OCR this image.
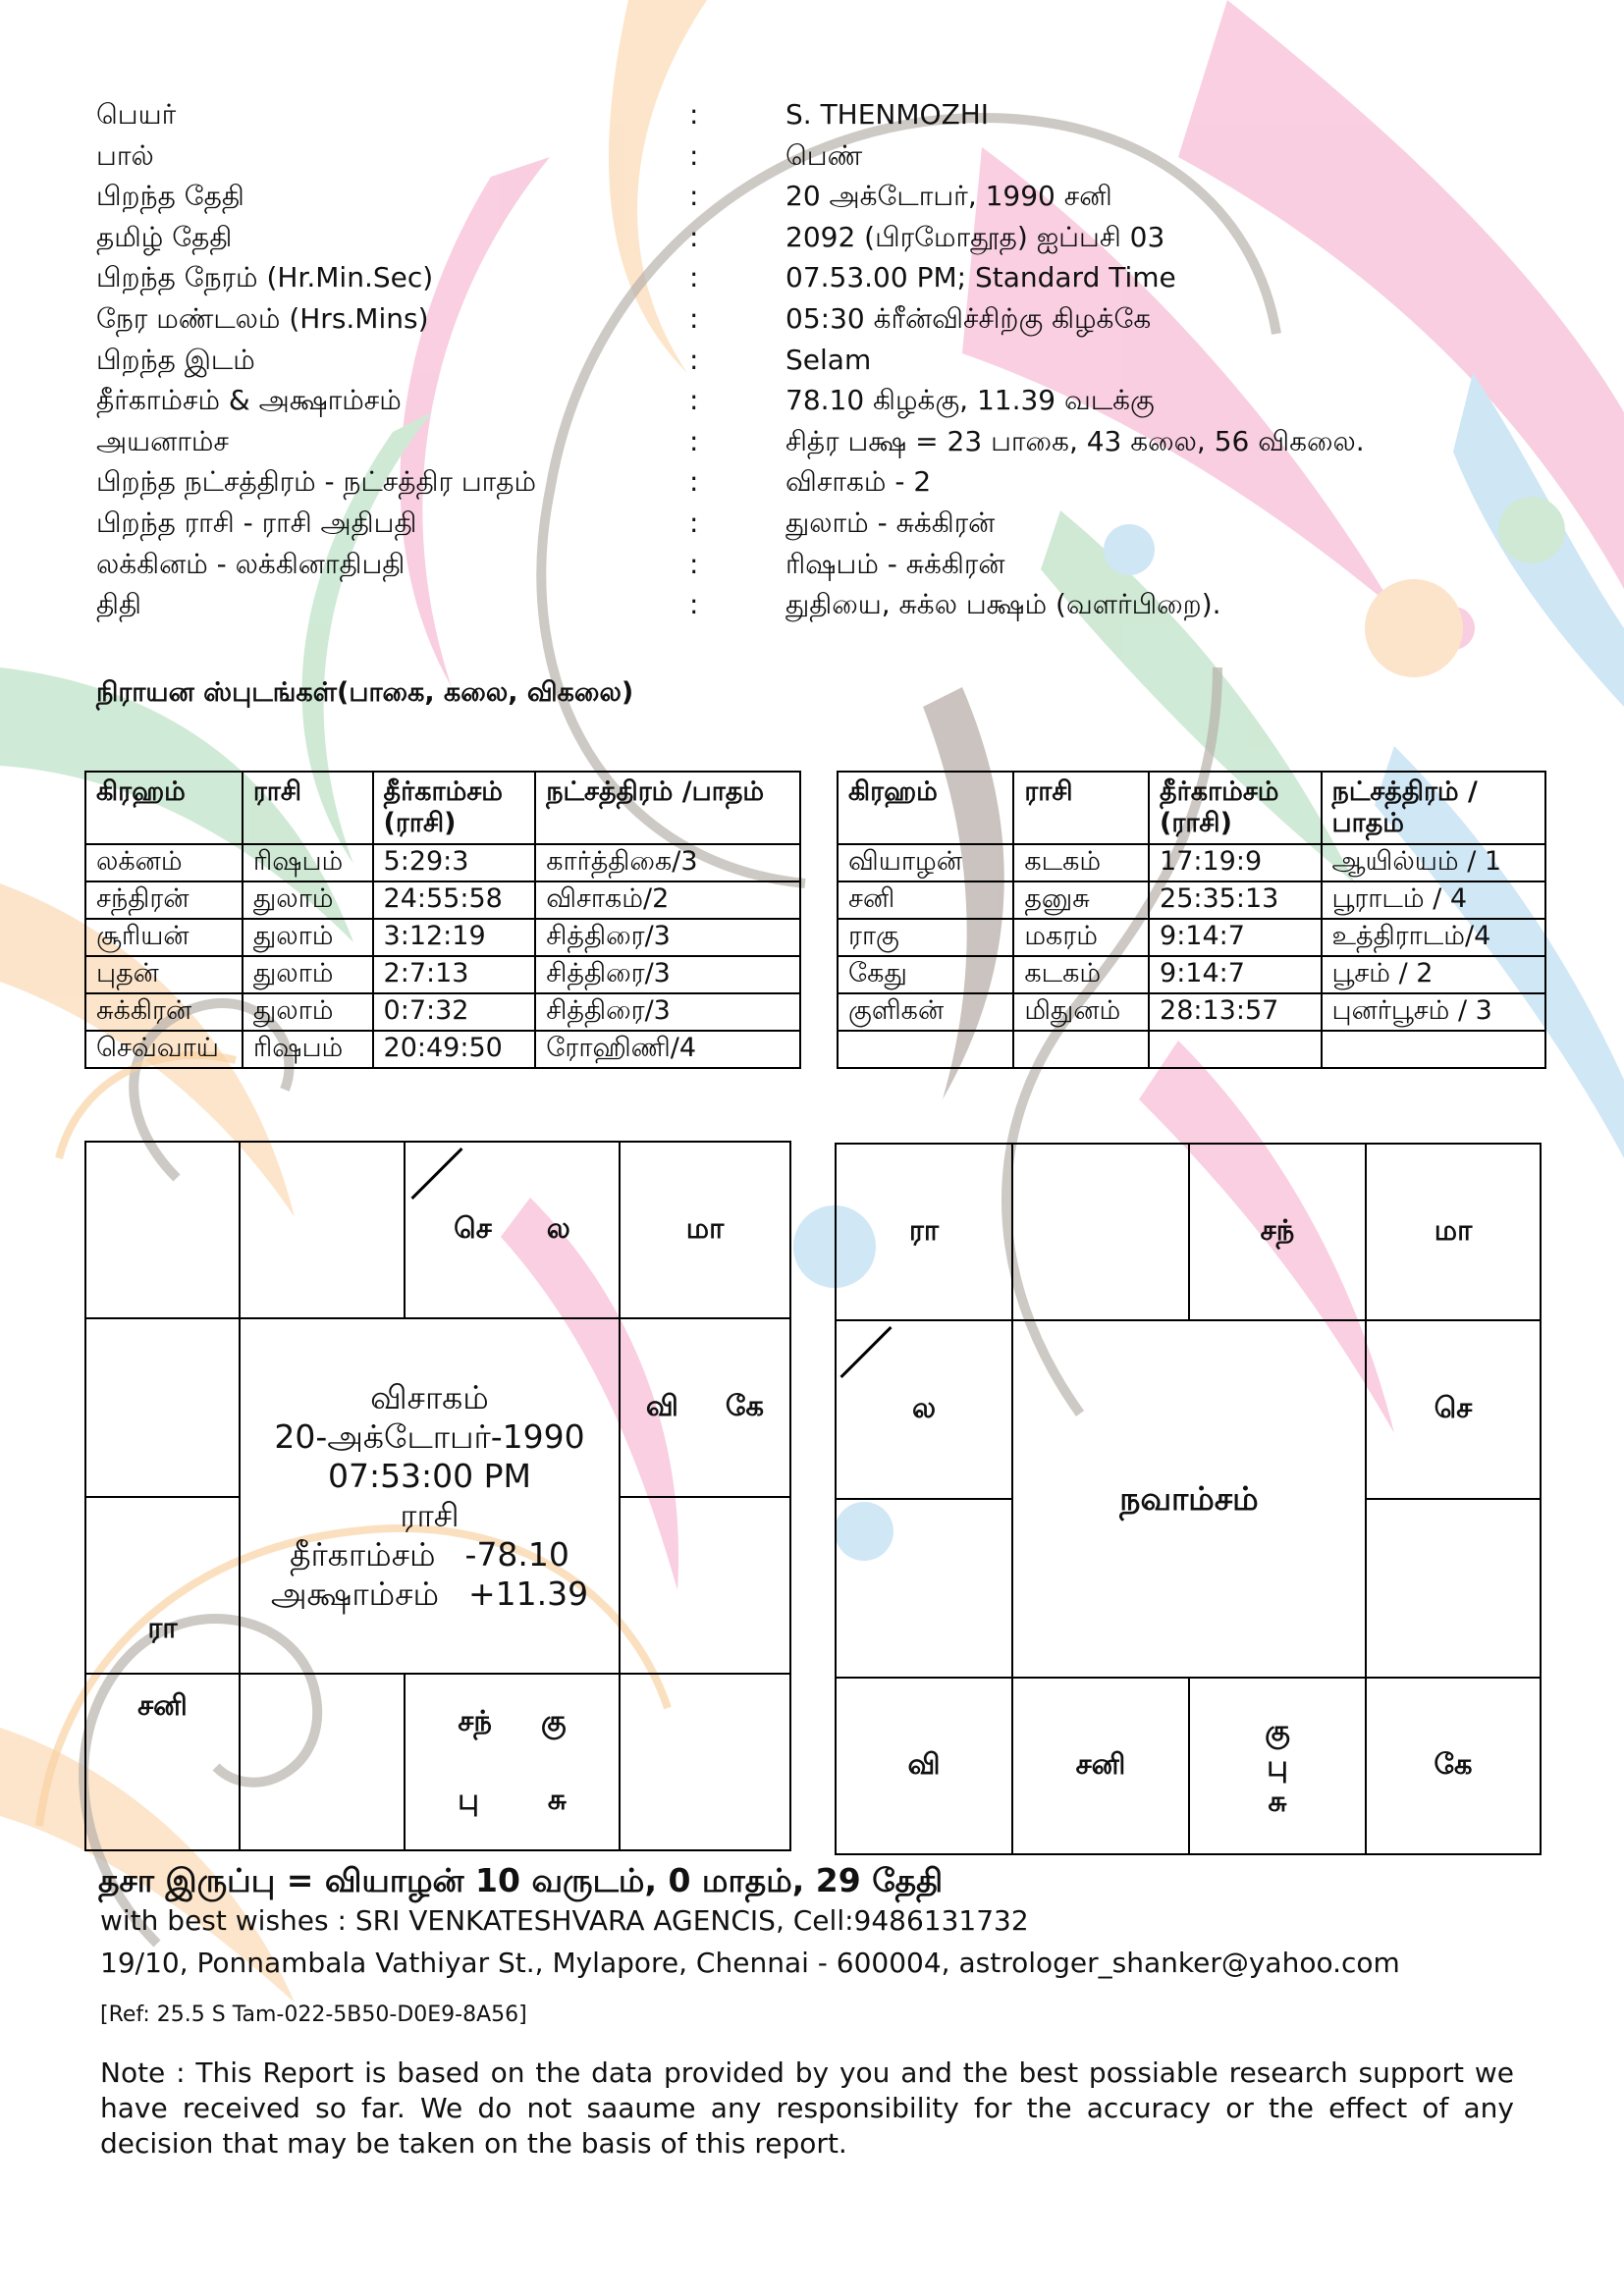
பெயர்	:	S. THENMOZHI
பால்	:	பெண்
பிறந்த தேதி	:	20 அக்டோபர், 1990 சனி
தமிழ் தேதி	:	2092 (பிரமோதூத) ஐப்பசி 03
பிறந்த நேரம் (Hr.Min.Sec)	:	07.53.00 PM; Standard Time
நேர மண்டலம் (Hrs.Mins)	:	05:30 க்ரீன்விச்சிற்கு கிழக்கே
பிறந்த இடம்	:	Selam
தீர்காம்சம் & அக்ஷாம்சம்	:	78.10 கிழக்கு, 11.39 வடக்கு
அயனாம்ச	:	சித்ர பக்ஷ = 23 பாகை, 43 கலை, 56 விகலை.
பிறந்த நட்சத்திரம் - நட்சத்திர பாதம்	:	விசாகம் - 2
பிறந்த ராசி - ராசி அதிபதி	:	துலாம் - சுக்கிரன்
லக்கினம் - லக்கினாதிபதி	:	ரிஷபம் - சுக்கிரன்
திதி	:	துதியை, சுக்ல பக்ஷம் (வளர்பிறை).
நிராயன ஸ்புடங்கள்(பாகை, கலை, விகலை)
கிரஹம்	ராசி	தீர்காம்சம் (ராசி)	நட்சத்திரம் /பாதம்
லக்னம்	ரிஷபம்	5:29:3	கார்த்திகை/3
சந்திரன்	துலாம்	24:55:58	விசாகம்/2
சூரியன்	துலாம்	3:12:19	சித்திரை/3
புதன்	துலாம்	2:7:13	சித்திரை/3
சுக்கிரன்	துலாம்	0:7:32	சித்திரை/3
செவ்வாய்	ரிஷபம்	20:49:50	ரோஹிணி/4
கிரஹம்	ராசி	தீர்காம்சம் (ராசி)	நட்சத்திரம் /பாதம்
வியாழன்	கடகம்	17:19:9	ஆயில்யம் / 1
சனி	தனுசு	25:35:13	பூராடம் / 4
ராகு	மகரம்	9:14:7	உத்திராடம்/4
கேது	கடகம்	9:14:7	பூசம் / 2
குளிகன்	மிதுனம்	28:13:57	புனர்பூசம் / 3

செ ல	மா
வி கே
ரா
சனி	சந் கு
பு சு
விசாகம்
20-அக்டோபர்-1990
07:53:00 PM
ராசி
தீர்காம்சம் -78.10
அக்ஷாம்சம் +11.39
ரா	சந்	மா
ல	செ
வி	சனி
கு
பு
சு
கே
நவாம்சம்
தசா இருப்பு = வியாழன் 10 வருடம், 0 மாதம், 29 தேதி
with best wishes : SRI VENKATESHVARA AGENCIS, Cell:9486131732
19/10, Ponnambala Vathiyar St., Mylapore, Chennai - 600004, astrologer_shanker@yahoo.com
[Ref: 25.5 S Tam-022-5B50-D0E9-8A56]
Note : This Report is based on the data provided by you and the best possiable research support we have received so far. We do not saaume any responsibility for the accuracy or the effect of any decision that may be taken on the basis of this report.
